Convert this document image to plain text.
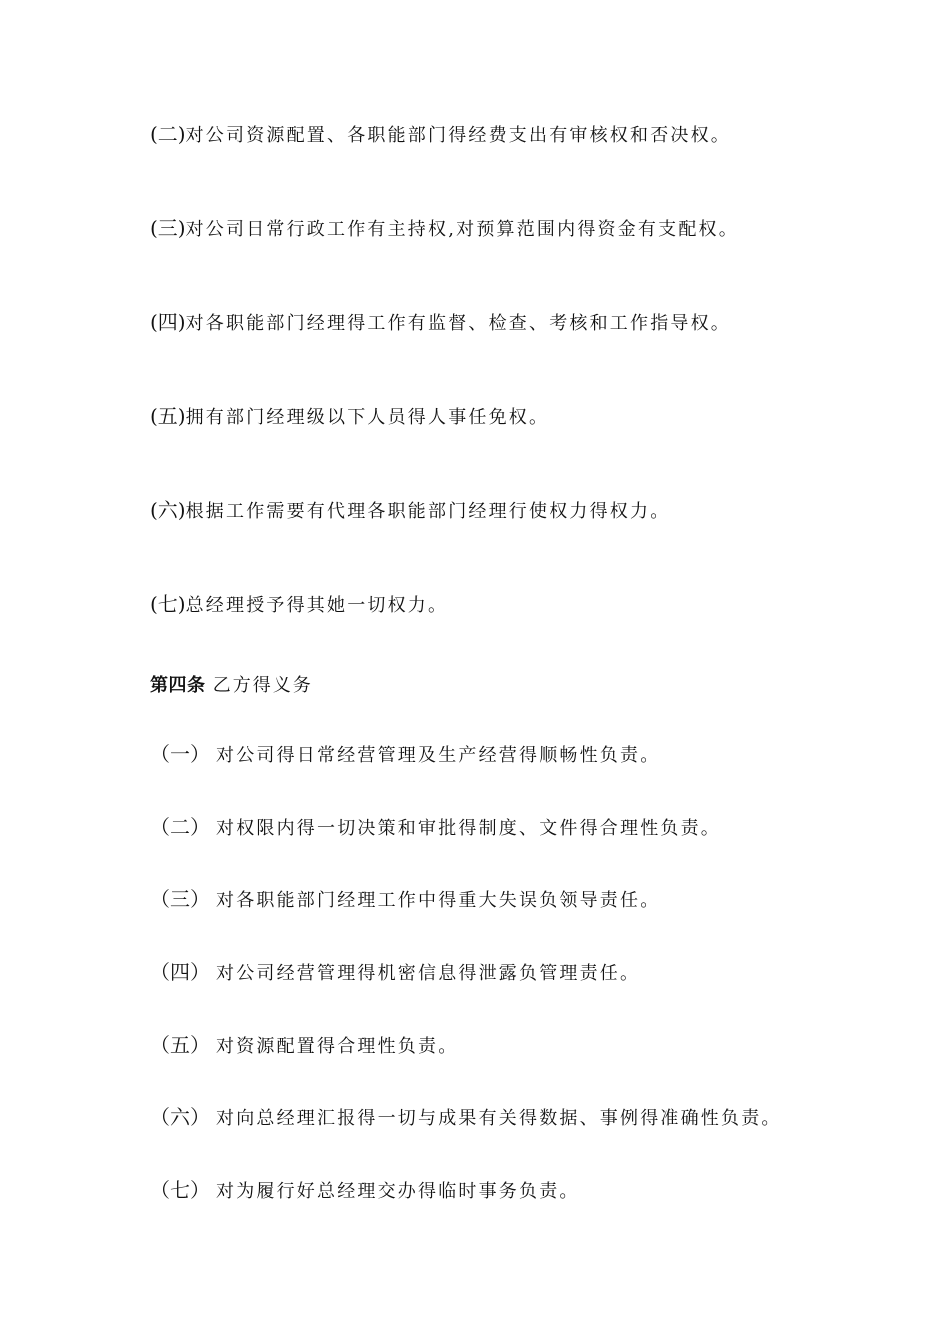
(二)对公司资源配置、各职能部门得经费支出有审核权和否决权。
(三)对公司日常行政工作有主持权,对预算范围内得资金有支配权。
(四)对各职能部门经理得工作有监督、检查、考核和工作指导权。
(五)拥有部门经理级以下人员得人事任免权。
(六)根据工作需要有代理各职能部门经理行使权力得权力。
(七)总经理授予得其她一切权力。
第四条 乙方得义务
（一） 对公司得日常经营管理及生产经营得顺畅性负责。
（二） 对权限内得一切决策和审批得制度、文件得合理性负责。
（三） 对各职能部门经理工作中得重大失误负领导责任。
（四） 对公司经营管理得机密信息得泄露负管理责任。
（五） 对资源配置得合理性负责。
（六） 对向总经理汇报得一切与成果有关得数据、事例得准确性负责。
（七） 对为履行好总经理交办得临时事务负责。
